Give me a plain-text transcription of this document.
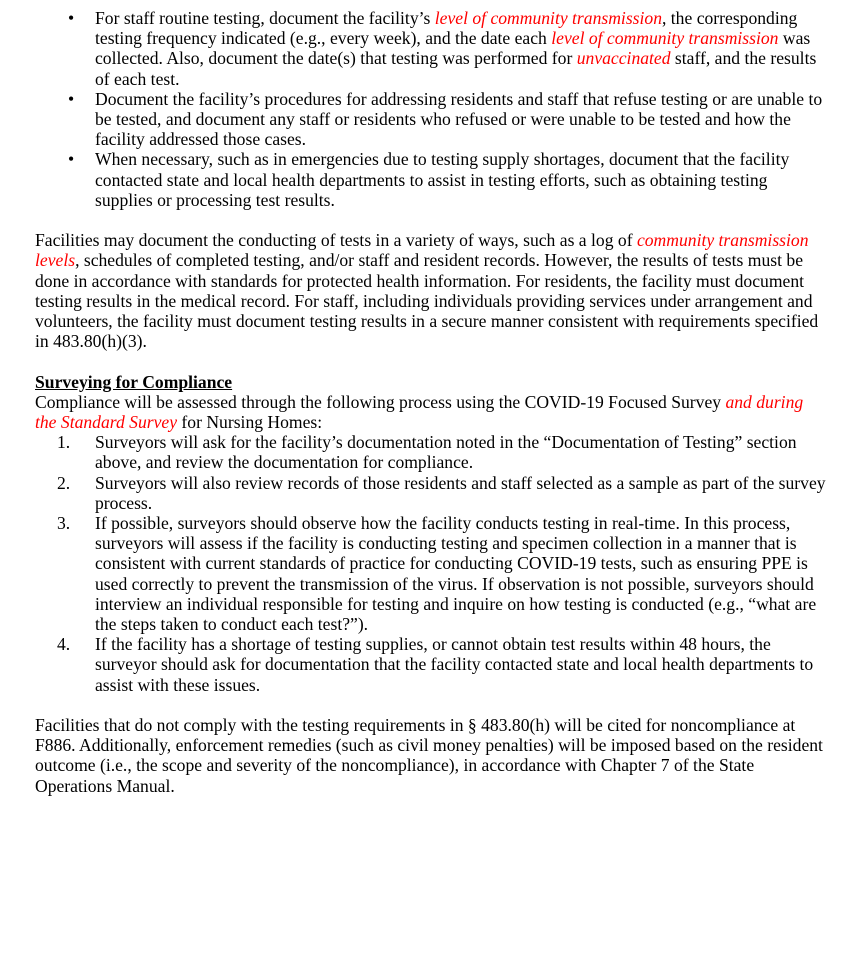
•	For staff routine testing, document the facility’s level of community transmission, the corresponding testing frequency indicated (e.g., every week), and the date each level of community transmission was collected. Also, document the date(s) that testing was performed for unvaccinated staff, and the results of each test.
•	Document the facility’s procedures for addressing residents and staff that refuse testing or are unable to be tested, and document any staff or residents who refused or were unable to be tested and how the facility addressed those cases.
•	When necessary, such as in emergencies due to testing supply shortages, document that the facility contacted state and local health departments to assist in testing efforts, such as obtaining testing supplies or processing test results.

Facilities may document the conducting of tests in a variety of ways, such as a log of community transmission levels, schedules of completed testing, and/or staff and resident records. However, the results of tests must be done in accordance with standards for protected health information. For residents, the facility must document testing results in the medical record. For staff, including individuals providing services under arrangement and volunteers, the facility must document testing results in a secure manner consistent with requirements specified in 483.80(h)(3).

Surveying for Compliance

Compliance will be assessed through the following process using the COVID-19 Focused Survey and during the Standard Survey for Nursing Homes:

1.	Surveyors will ask for the facility’s documentation noted in the “Documentation of Testing” section above, and review the documentation for compliance.
2.	Surveyors will also review records of those residents and staff selected as a sample as part of the survey process.
3.	If possible, surveyors should observe how the facility conducts testing in real-time. In this process, surveyors will assess if the facility is conducting testing and specimen collection in a manner that is consistent with current standards of practice for conducting COVID-19 tests, such as ensuring PPE is used correctly to prevent the transmission of the virus. If observation is not possible, surveyors should interview an individual responsible for testing and inquire on how testing is conducted (e.g., “what are the steps taken to conduct each test?”).
4.	If the facility has a shortage of testing supplies, or cannot obtain test results within 48 hours, the surveyor should ask for documentation that the facility contacted state and local health departments to assist with these issues.

Facilities that do not comply with the testing requirements in § 483.80(h) will be cited for noncompliance at F886. Additionally, enforcement remedies (such as civil money penalties) will be imposed based on the resident outcome (i.e., the scope and severity of the noncompliance), in accordance with Chapter 7 of the State Operations Manual.
